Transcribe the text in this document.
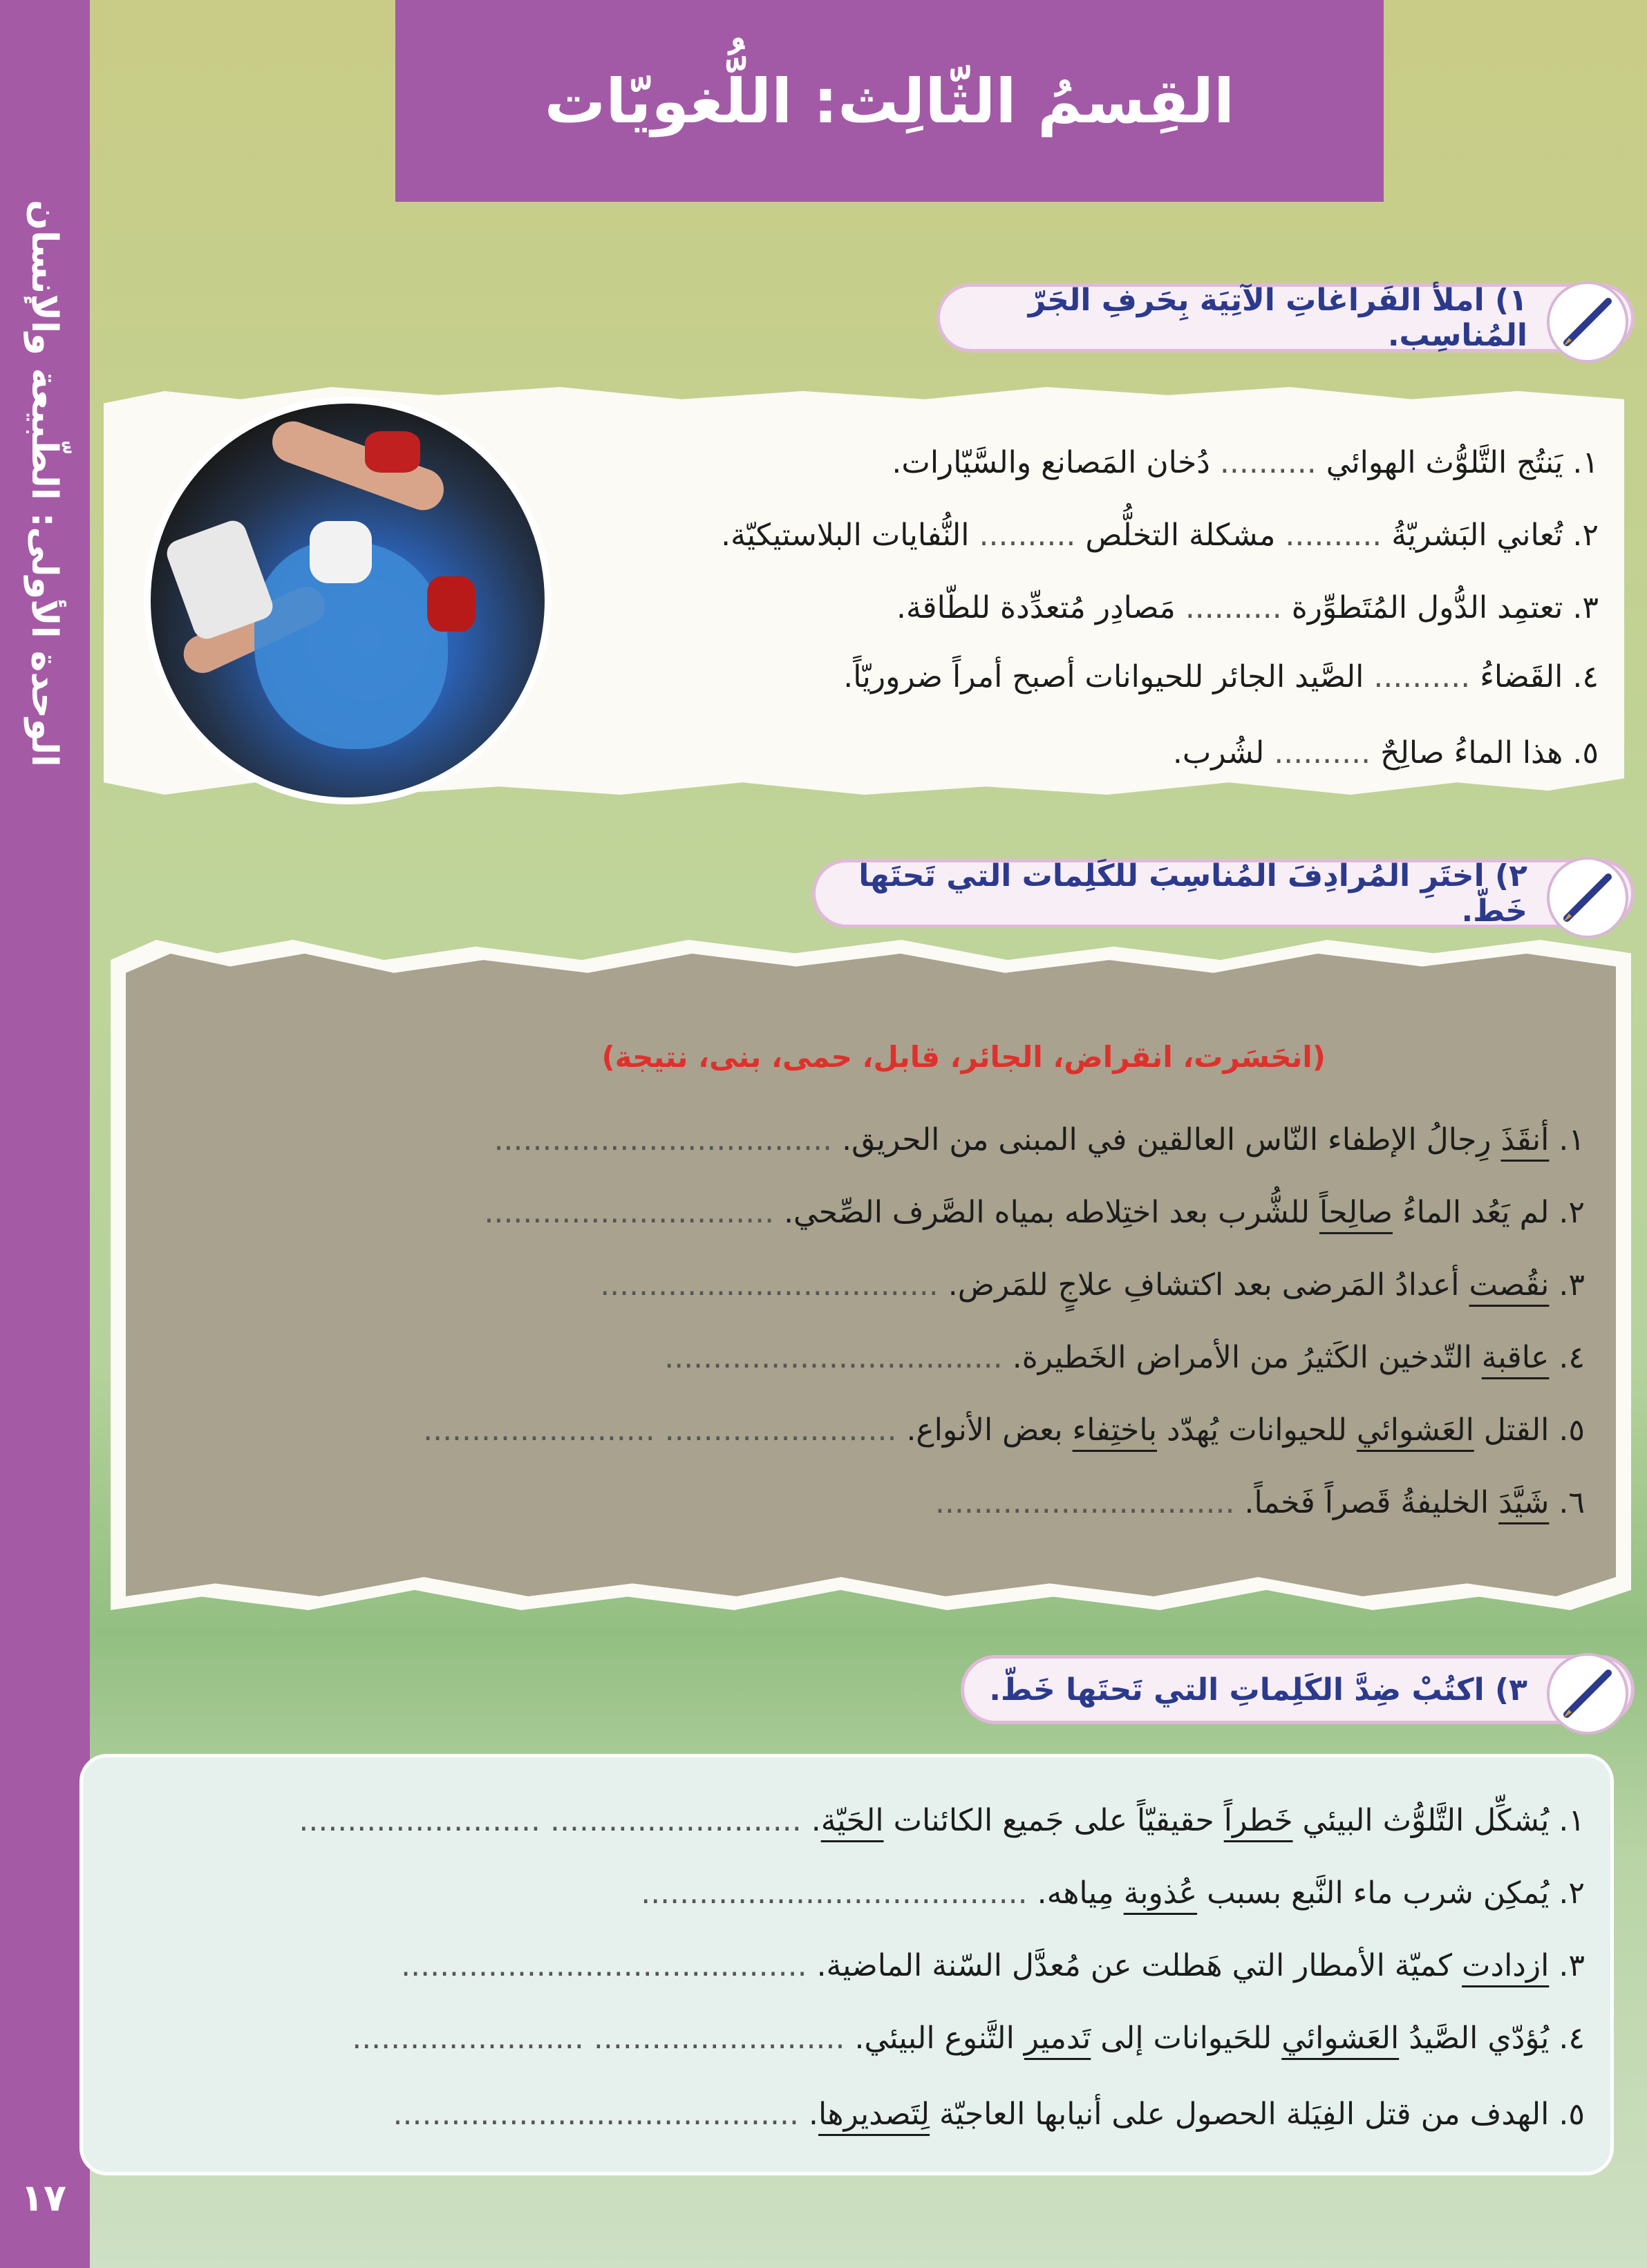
الوحدة الأولى: الطّبيعة والإنسان
١٧
القِسمُ الثّالِث: اللُّغويّات
١) املأ الفَراغاتِ الآتِيَة بِحَرفِ الجَرّ المُناسِب.
١. يَنتُج التَّلوُّث الهوائي .......... دُخان المَصانع والسَّيّارات.
٢. تُعاني البَشريّةُ .......... مشكلة التخلُّص .......... النُّفايات البلاستيكيّة.
٣. تعتمِد الدُّول المُتَطوِّرة .......... مَصادِر مُتعدِّدة للطّاقة.
٤. القَضاءُ .......... الصَّيد الجائر للحيوانات أصبح أمراً ضروريّاً.
٥. هذا الماءُ صالِحٌ .......... لشُرب.
٢) اختَرِ المُرادِفَ المُناسِبَ للكَلِمات التي تَحتَها خَطّ.
(انحَسَرت، انقراض، الجائر، قابل، حمى، بنى، نتيجة)
١. أنقَذَ رِجالُ الإطفاء النّاس العالقين في المبنى من الحريق. ...................................
٢. لم يَعُد الماءُ صالِحاً للشُّرب بعد اختِلاطه بمياه الصَّرف الصِّحي. ..............................
٣. نقُصت أعدادُ المَرضى بعد اكتشافِ علاجٍ للمَرض. ...................................
٤. عاقبة التّدخين الكَثيرُ من الأمراض الخَطيرة. ...................................
٥. القتل العَشوائي للحيوانات يُهدّد باختِفاء بعض الأنواع. ........................ ........................
٦. شَيَّدَ الخليفةُ قَصراً فَخماً. ...............................
٣) اكتُبْ ضِدَّ الكَلِماتِ التي تَحتَها خَطّ.
١. يُشكِّل التَّلوُّث البيئي خَطراً حقيقيّاً على جَميع الكائنات الحَيّة. .......................... .........................
٢. يُمكِن شرب ماء النَّبع بسبب عُذوبة مِياهه. ........................................
٣. ازدادت كميّة الأمطار التي هَطلت عن مُعدَّل السّنة الماضية. ..........................................
٤. يُؤدّي الصَّيدُ العَشوائي للحَيوانات إلى تَدمير التَّنوع البيئي. .......................... ........................
٥. الهدف من قتل الفِيَلة الحصول على أنيابها العاجيّة لِتَصديرها. ..........................................
